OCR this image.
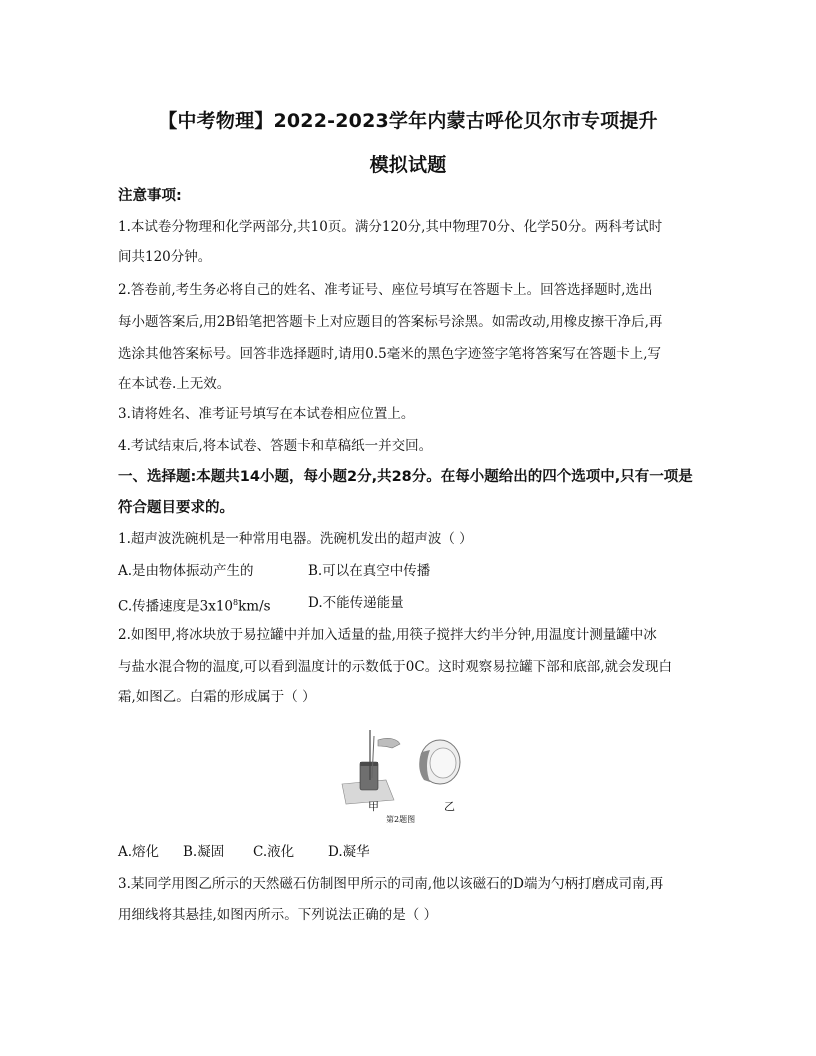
【中考物理】2022-2023学年内蒙古呼伦贝尔市专项提升
模拟试题
注意事项:
1.本试卷分物理和化学两部分,共10页。满分120分,其中物理70分、化学50分。两科考试时
间共120分钟。
2.答卷前,考生务必将自己的姓名、准考证号、座位号填写在答题卡上。回答选择题时,选出
每小题答案后,用2B铅笔把答题卡上对应题目的答案标号涂黑。如需改动,用橡皮擦干净后,再
选涂其他答案标号。回答非选择题时,请用0.5毫米的黑色字迹签字笔将答案写在答题卡上,写
在本试卷.上无效。
3.请将姓名、准考证号填写在本试卷相应位置上。
4.考试结束后,将本试卷、答题卡和草稿纸一并交回。
一、选择题:本题共14小题，每小题2分,共28分。在每小题给出的四个选项中,只有一项是
符合题目要求的。
1.超声波洗碗机是一种常用电器。洗碗机发出的超声波（ ）
A.是由物体振动产生的	B.可以在真空中传播
C.传播速度是$3x10^8km/s$	D.不能传递能量
2.如图甲,将冰块放于易拉罐中并加入适量的盐,用筷子搅拌大约半分钟,用温度计测量罐中冰
与盐水混合物的温度,可以看到温度计的示数低于0C。这时观察易拉罐下部和底部,就会发现白
霜,如图乙。白霜的形成属于（ ）
甲	乙
第2题图
A.熔化 B.凝固 C.液化	D.凝华
3.某同学用图乙所示的天然磁石仿制图甲所示的司南,他以该磁石的D端为勺柄打磨成司南,再
用细线将其悬挂,如图丙所示。下列说法正确的是（ ）
